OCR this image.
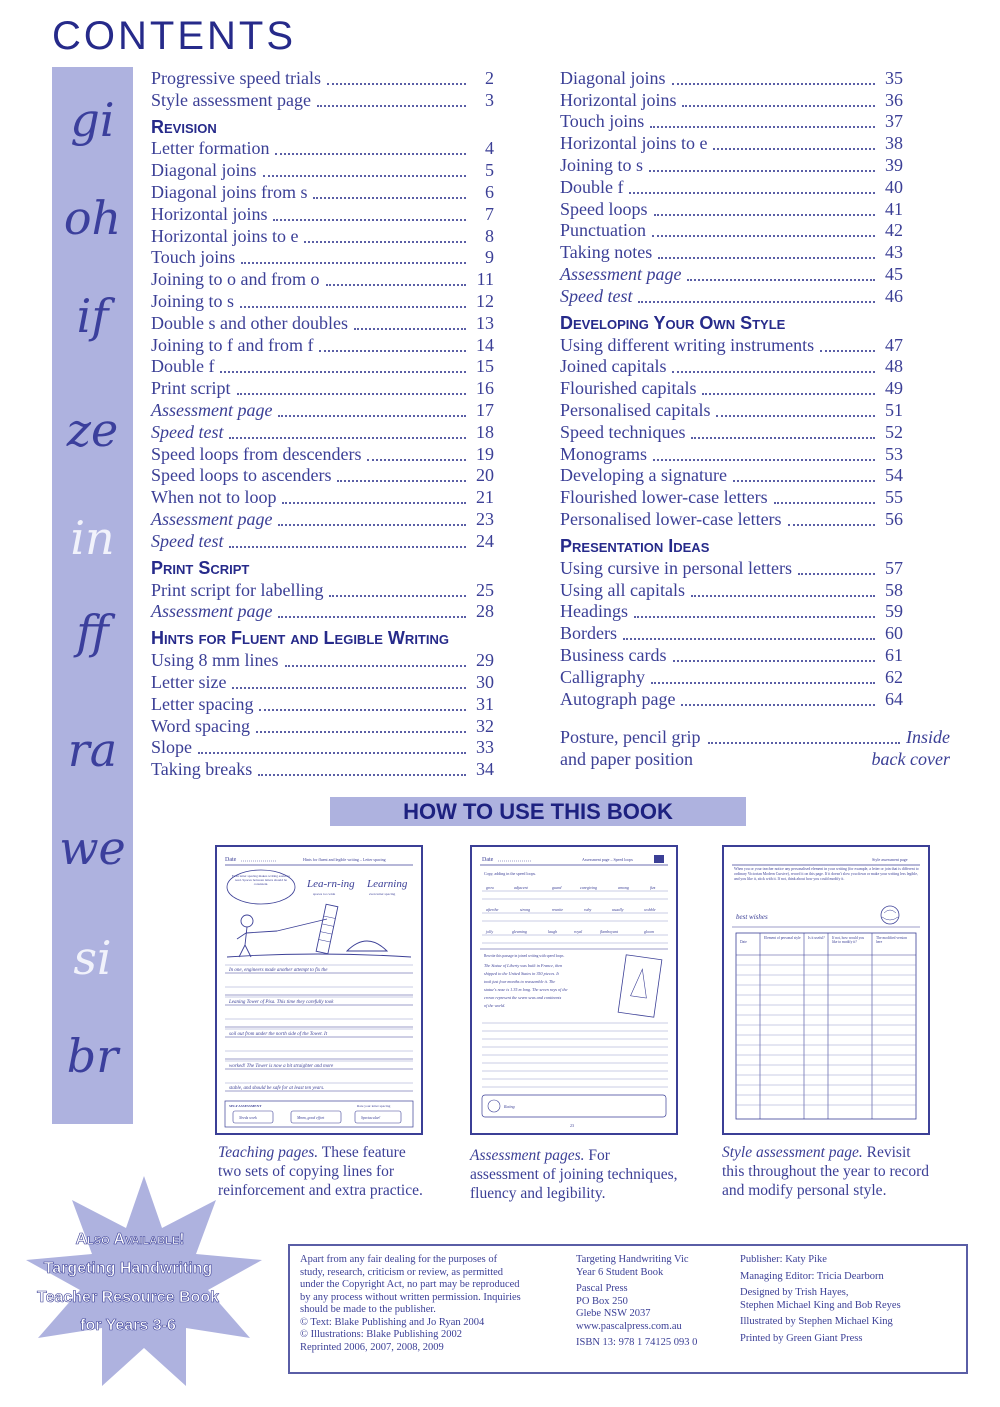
CONTENTS
gi
oh
if
ze
in
ff
ra
we
si
br
Progressive speed trials	2
Style assessment page	3
Revision
Letter formation	4
Diagonal joins	5
Diagonal joins from s	6
Horizontal joins	7
Horizontal joins to e	8
Touch joins	9
Joining to o and from o	11
Joining to s	12
Double s and other doubles	13
Joining to f and from f	14
Double f	15
Print script	16
Assessment page	17
Speed test	18
Speed loops from descenders	19
Speed loops to ascenders	20
When not to loop	21
Assessment page	23
Speed test	24
Print Script
Print script for labelling	25
Assessment page	28
Hints for Fluent and Legible Writing
Using 8 mm lines	29
Letter size	30
Letter spacing	31
Word spacing	32
Slope	33
Taking breaks	34
Diagonal joins	35
Horizontal joins	36
Touch joins	37
Horizontal joins to e	38
Joining to s	39
Double f	40
Speed loops	41
Punctuation	42
Taking notes	43
Assessment page	45
Speed test	46
Developing Your Own Style
Using different writing instruments	47
Joined capitals	48
Flourished capitals	49
Personalised capitals	51
Speed techniques	52
Monograms	53
Developing a signature	54
Flourished lower-case letters	55
Personalised lower-case letters	56
Presentation Ideas
Using cursive in personal letters	57
Using all capitals	58
Headings	59
Borders	60
Business cards	61
Calligraphy	62
Autograph page	64
Posture, pencil grip	Inside
and paper position	back cover
HOW TO USE THIS BOOK
Date	Hints for fluent and legible writing – Letter spacing
Even letter spacing makes writing easier to read. Spaces between letters should be consistent.	Lea-rn-ing Learning
spaces too wide	even letter spacing
In one, engineers made another attempt to fix the
Leaning Tower of Pisa. This time they carefully took
soil out from under the north side of the Tower. It
worked! The Tower is now a bit straighter and more
stable, and should be safe for at least ten years.
SELF ASSESSMENT	Rate your letter spacing
Needs work	Mmm, good effort	Spectacular!
Date	Assessment page – Speed loops
Copy, adding in the speed loops.
grow	adjacent	guard	caregiving	among	fizz
afterthe	strong	reunite	ruby	usually	wobble
jolly	gleaming	laugh	royal	flamboyant	gloom
Rewrite this passage in joined writing with speed loops.
The Statue of Liberty was built in France, then
shipped to the United States in 350 pieces. It
took just four months to reassemble it. The
statue's nose is 1.35 m long. The seven rays of the
crown represent the seven seas and continents
of the world.
Rating
23
Style assessment page
When you or your teacher notice any personalised element in your writing (for example, a letter or join that is different to ordinary Victorian Modern Cursive), record it on this page. If it doesn't slow you down or make your writing less legible, and you like it, stick with it. If not, think about how you could modify it.
best wishes
Date
Element of personal style	Is it useful?	If not, how would you like to modify it?
The modified version here
Teaching pages. These feature two sets of copying lines for reinforcement and extra practice.
Assessment pages. For assessment of joining techniques, fluency and legibility.
Style assessment page. Revisit this throughout the year to record and modify personal style.
Also Available!
Targeting Handwriting
Teacher Resource Book
for Years 3-6
Apart from any fair dealing for the purposes of
study, research, criticism or review, as permitted
under the Copyright Act, no part may be reproduced
by any process without written permission. Inquiries
should be made to the publisher.
© Text: Blake Publishing and Jo Ryan 2004
© Illustrations: Blake Publishing 2002
Reprinted 2006, 2007, 2008, 2009
Targeting Handwriting Vic
Year 6 Student Book
Pascal Press
PO Box 250
Glebe NSW 2037
www.pascalpress.com.au
ISBN 13: 978 1 74125 093 0
Publisher: Katy Pike
Managing Editor: Tricia Dearborn
Designed by Trish Hayes,
Stephen Michael King and Bob Reyes
Illustrated by Stephen Michael King
Printed by Green Giant Press
